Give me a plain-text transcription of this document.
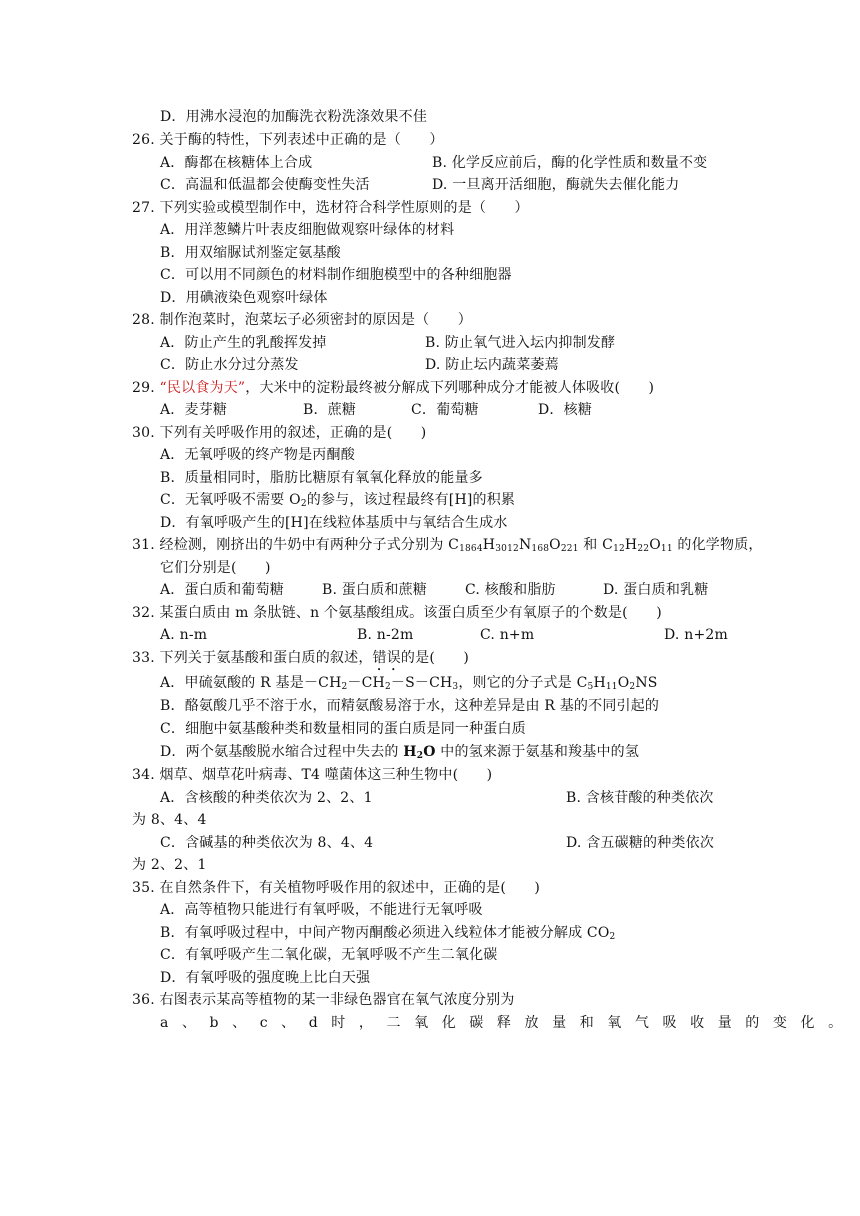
D．用沸水浸泡的加酶洗衣粉洗涤效果不佳
26. 关于酶的特性，下列表述中正确的是（　　）
A．酶都在核糖体上合成	B. 化学反应前后，酶的化学性质和数量不变
C．高温和低温都会使酶变性失活	D. 一旦离开活细胞，酶就失去催化能力
27. 下列实验或模型制作中，选材符合科学性原则的是（　　）
A．用洋葱鳞片叶表皮细胞做观察叶绿体的材料
B．用双缩脲试剂鉴定氨基酸
C．可以用不同颜色的材料制作细胞模型中的各种细胞器
D．用碘液染色观察叶绿体
28. 制作泡菜时，泡菜坛子必须密封的原因是（　　）
A．防止产生的乳酸挥发掉	B. 防止氧气进入坛内抑制发酵
C．防止水分过分蒸发	D. 防止坛内蔬菜萎蔫
29. “民以食为天”，大米中的淀粉最终被分解成下列哪种成分才能被人体吸收(　　)
A．麦芽糖	B．蔗糖	C．葡萄糖	D．核糖
30. 下列有关呼吸作用的叙述，正确的是(　　)
A．无氧呼吸的终产物是丙酮酸
B．质量相同时，脂肪比糖原有氧氧化释放的能量多
C．无氧呼吸不需要 $O_2$的参与，该过程最终有[H]的积累
D．有氧呼吸产生的[H]在线粒体基质中与氧结合生成水
31. 经检测，刚挤出的牛奶中有两种分子式分别为 $C_{1864}H_{3012}N_{168}O_{221}$ 和 $C_{12}H_{22}O_{11}$ 的化学物质，
它们分别是(　　)
A．蛋白质和葡萄糖	B. 蛋白质和蔗糖	C. 核酸和脂肪	D. 蛋白质和乳糖
32. 某蛋白质由 m 条肽链、n 个氨基酸组成。该蛋白质至少有氧原子的个数是(　　)
A. n-m	B. n-2m	C. n+m	D. n+2m
33. 下列关于氨基酸和蛋白质的叙述，错误的是(　　)
A．甲硫氨酸的 R 基是$-CH_2-CH_2-S-CH_3$，则它的分子式是 $C_5H_{11}O_2NS$
B．酪氨酸几乎不溶于水，而精氨酸易溶于水，这种差异是由 R 基的不同引起的
C．细胞中氨基酸种类和数量相同的蛋白质是同一种蛋白质
D．两个氨基酸脱水缩合过程中失去的 $H_2O$ 中的氢来源于氨基和羧基中的氢
34. 烟草、烟草花叶病毒、T4 噬菌体这三种生物中(　　)
A．含核酸的种类依次为 2、2、1	B. 含核苷酸的种类依次
为 8、4、4
C．含碱基的种类依次为 8、4、4	D. 含五碳糖的种类依次
为 2、2、1
35. 在自然条件下，有关植物呼吸作用的叙述中，正确的是(　　)
A．高等植物只能进行有氧呼吸，不能进行无氧呼吸
B．有氧呼吸过程中，中间产物丙酮酸必须进入线粒体才能被分解成 $CO_2$
C．有氧呼吸产生二氧化碳，无氧呼吸不产生二氧化碳
D．有氧呼吸的强度晚上比白天强
36. 右图表示某高等植物的某一非绿色器官在氧气浓度分别为
a、b、c、d时，二氧化碳释放量和氧气吸收量的变化。
